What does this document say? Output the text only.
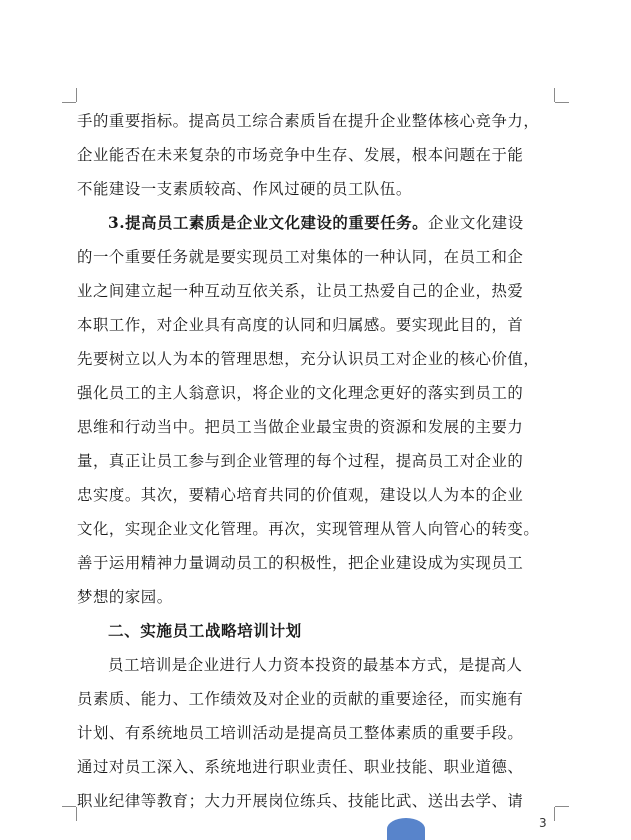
手的重要指标。提高员工综合素质旨在提升企业整体核心竞争力，
企业能否在未来复杂的市场竞争中生存、发展，根本问题在于能
不能建设一支素质较高、作风过硬的员工队伍。
3.提高员工素质是企业文化建设的重要任务。企业文化建设
的一个重要任务就是要实现员工对集体的一种认同，在员工和企
业之间建立起一种互动互依关系，让员工热爱自己的企业，热爱
本职工作，对企业具有高度的认同和归属感。要实现此目的，首
先要树立以人为本的管理思想，充分认识员工对企业的核心价值，
强化员工的主人翁意识，将企业的文化理念更好的落实到员工的
思维和行动当中。把员工当做企业最宝贵的资源和发展的主要力
量，真正让员工参与到企业管理的每个过程，提高员工对企业的
忠实度。其次，要精心培育共同的价值观，建设以人为本的企业
文化，实现企业文化管理。再次，实现管理从管人向管心的转变。
善于运用精神力量调动员工的积极性，把企业建设成为实现员工
梦想的家园。
二、实施员工战略培训计划
员工培训是企业进行人力资本投资的最基本方式，是提高人
员素质、能力、工作绩效及对企业的贡献的重要途径，而实施有
计划、有系统地员工培训活动是提高员工整体素质的重要手段。
通过对员工深入、系统地进行职业责任、职业技能、职业道德、
职业纪律等教育；大力开展岗位练兵、技能比武、送出去学、请
3
